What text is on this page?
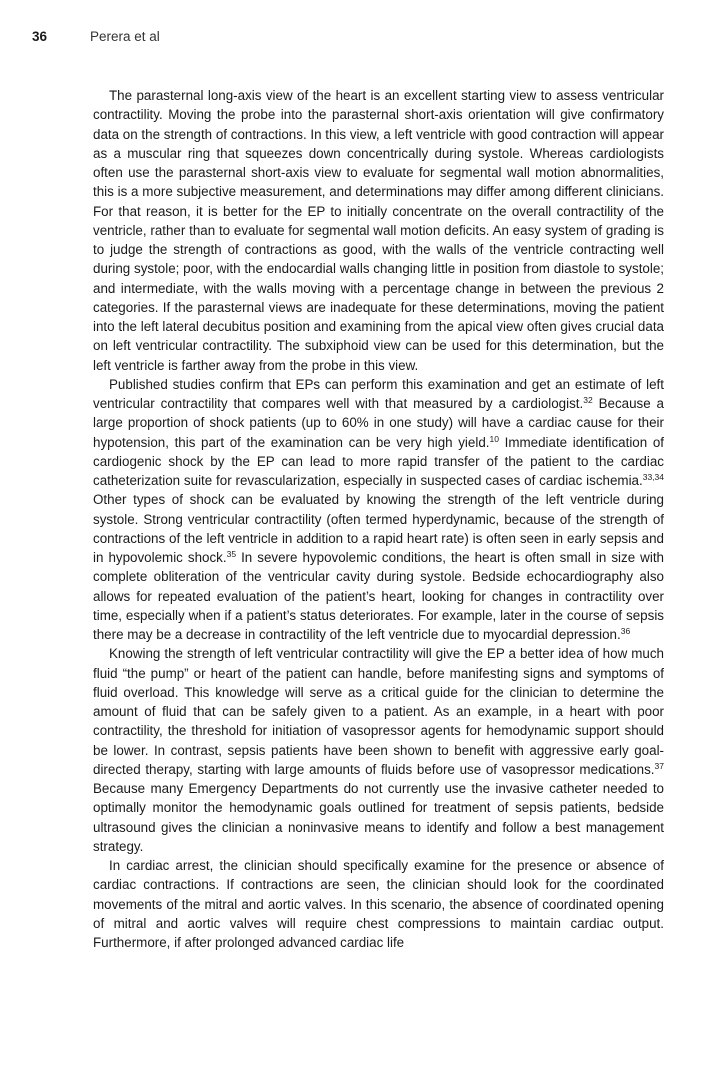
36	Perera et al

The parasternal long-axis view of the heart is an excellent starting view to assess ventricular contractility. Moving the probe into the parasternal short-axis orientation will give confirmatory data on the strength of contractions. In this view, a left ventricle with good contraction will appear as a muscular ring that squeezes down concentrically during systole. Whereas cardiologists often use the parasternal short-axis view to evaluate for segmental wall motion abnormalities, this is a more subjective measurement, and determinations may differ among different clinicians. For that reason, it is better for the EP to initially concentrate on the overall contractility of the ventricle, rather than to evaluate for segmental wall motion deficits. An easy system of grading is to judge the strength of contractions as good, with the walls of the ventricle contracting well during systole; poor, with the endocardial walls changing little in position from diastole to systole; and intermediate, with the walls moving with a percentage change in between the previous 2 categories. If the parasternal views are inadequate for these determinations, moving the patient into the left lateral decubitus position and examining from the apical view often gives crucial data on left ventricular contractility. The subxiphoid view can be used for this determination, but the left ventricle is farther away from the probe in this view.

Published studies confirm that EPs can perform this examination and get an estimate of left ventricular contractility that compares well with that measured by a cardiologist.$^{32}$ Because a large proportion of shock patients (up to 60% in one study) will have a cardiac cause for their hypotension, this part of the examination can be very high yield.$^{10}$ Immediate identification of cardiogenic shock by the EP can lead to more rapid transfer of the patient to the cardiac catheterization suite for revascularization, especially in suspected cases of cardiac ischemia.$^{33,34}$ Other types of shock can be evaluated by knowing the strength of the left ventricle during systole. Strong ventricular contractility (often termed hyperdynamic, because of the strength of contractions of the left ventricle in addition to a rapid heart rate) is often seen in early sepsis and in hypovolemic shock.$^{35}$ In severe hypovolemic conditions, the heart is often small in size with complete obliteration of the ventricular cavity during systole. Bedside echocardiography also allows for repeated evaluation of the patient’s heart, looking for changes in contractility over time, especially when if a patient’s status deteriorates. For example, later in the course of sepsis there may be a decrease in contractility of the left ventricle due to myocardial depression.$^{36}$

Knowing the strength of left ventricular contractility will give the EP a better idea of how much fluid “the pump” or heart of the patient can handle, before manifesting signs and symptoms of fluid overload. This knowledge will serve as a critical guide for the clinician to determine the amount of fluid that can be safely given to a patient. As an example, in a heart with poor contractility, the threshold for initiation of vasopressor agents for hemodynamic support should be lower. In contrast, sepsis patients have been shown to benefit with aggressive early goal-directed therapy, starting with large amounts of fluids before use of vasopressor medications.$^{37}$ Because many Emergency Departments do not currently use the invasive catheter needed to optimally monitor the hemodynamic goals outlined for treatment of sepsis patients, bedside ultrasound gives the clinician a noninvasive means to identify and follow a best management strategy.

In cardiac arrest, the clinician should specifically examine for the presence or absence of cardiac contractions. If contractions are seen, the clinician should look for the coordinated movements of the mitral and aortic valves. In this scenario, the absence of coordinated opening of mitral and aortic valves will require chest compressions to maintain cardiac output. Furthermore, if after prolonged advanced cardiac life
